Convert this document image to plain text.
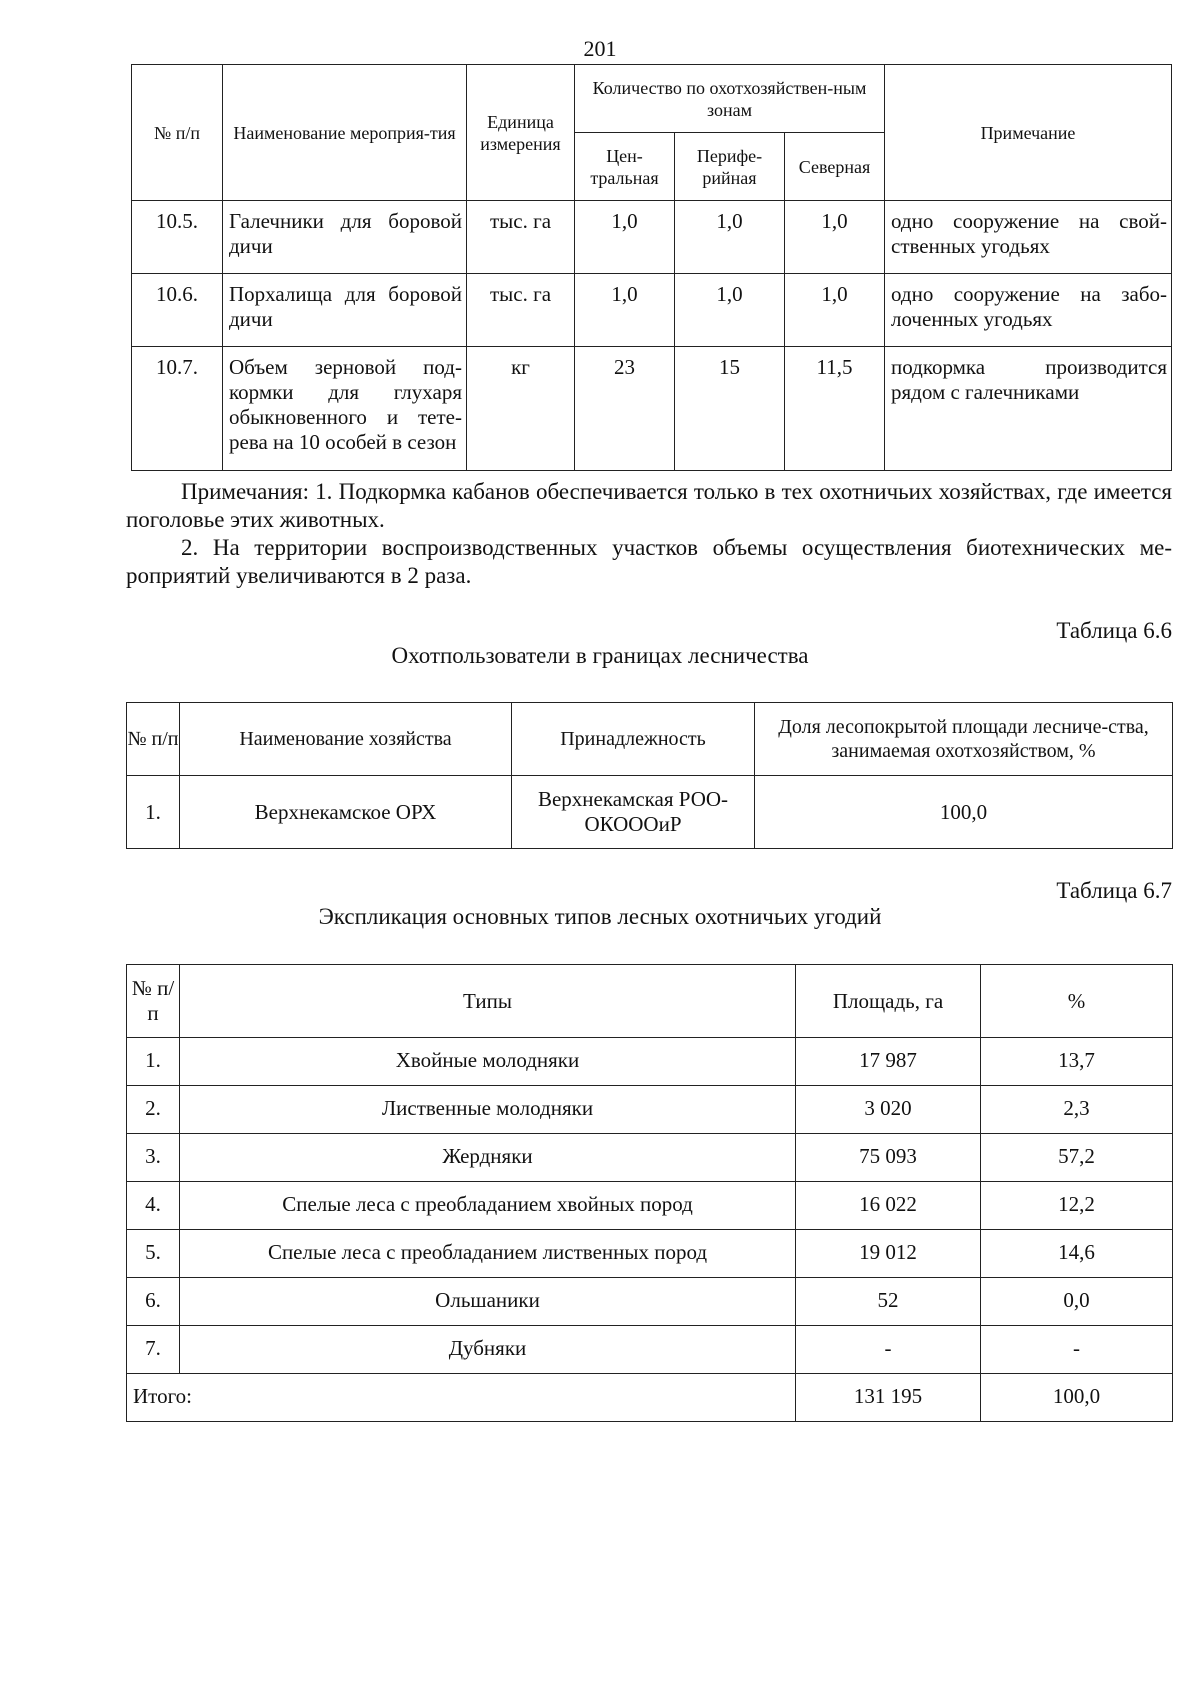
201
№ п/п	Наименование мероприя-тия	Единица измерения	Количество по охотхозяйствен-ным зонам			Примечание
			Цен-тральная	Перифе-рийная	Северная	
10.5.	Галечники для боровой дичи	тыс. га	1,0	1,0	1,0	одно сооружение на свой-ственных угодьях
10.6.	Порхалища для боровой дичи	тыс. га	1,0	1,0	1,0	одно сооружение на забо-лоченных угодьях
10.7.	Объем зерновой под-кормки для глухаря обыкновенного и тете-рева на 10 особей в сезон	кг	23	15	11,5	подкормка производится рядом с галечниками

Примечания: 1. Подкормка кабанов обеспечивается только в тех охотничьих хозяйствах, где имеется поголовье этих животных.

2. На территории воспроизводственных участков объемы осуществления биотехнических ме-роприятий увеличиваются в 2 раза.

Таблица 6.6
Охотпользователи в границах лесничества
№ п/п	Наименование хозяйства	Принадлежность	Доля лесопокрытой площади лесниче-ства, занимаемая охотхозяйством, %
1.	Верхнекамское ОРХ	Верхнекамская РОО-ОКОООиР	100,0
Таблица 6.7
Экспликация основных типов лесных охотничьих угодий
№ п/п	Типы	Площадь, га	%
1.	Хвойные молодняки	17 987	13,7
2.	Лиственные молодняки	3 020	2,3
3.	Жердняки	75 093	57,2
4.	Спелые леса с преобладанием хвойных пород	16 022	12,2
5.	Спелые леса с преобладанием лиственных пород	19 012	14,6
6.	Ольшаники	52	0,0
7.	Дубняки	-	-
Итого:		131 195	100,0
